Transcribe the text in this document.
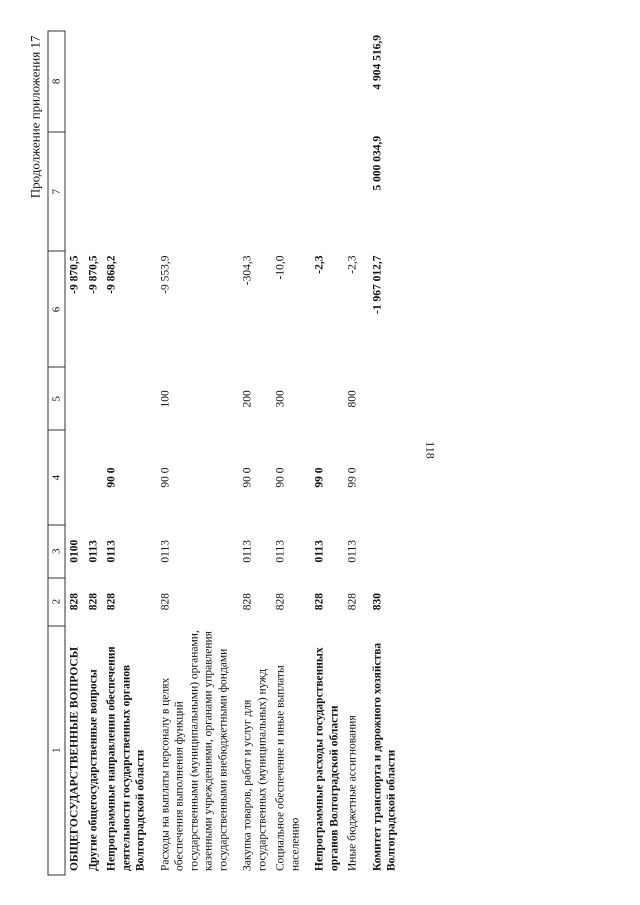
118
Продолжение приложения 17
1	2	3	4	5	6	7	8
ОБЩЕГОСУДАРСТВЕННЫЕ ВОПРОСЫ	828	0100			-9 870,5		
Другие общегосударственные вопросы	828	0113			-9 870,5		
Непрограммные направления обеспечения деятельности государственных органов Волгоградской области	828	0113	90 0		-9 868,2		

Расходы на выплаты персоналу в целях обеспечения выполнения функций государственными (муниципальными) органами, казенными учреждениями, органами управления государственными внебюджетными фондами	828	0113	90 0	100	-9 553,9		

Закупка товаров, работ и услуг для государственных (муниципальных) нужд	828	0113	90 0	200	-304,3		
Социальное обеспечение и иные выплаты населению	828	0113	90 0	300	-10,0		

Непрограммные расходы государственных органов Волгоградской области	828	0113	99 0		-2,3		
Иные бюджетные ассигнования	828	0113	99 0	800	-2,3		

Комитет транспорта и дорожного хозяйства Волгоградской области	830				-1 967 012,7	5 000 034,9	4 904 516,9
